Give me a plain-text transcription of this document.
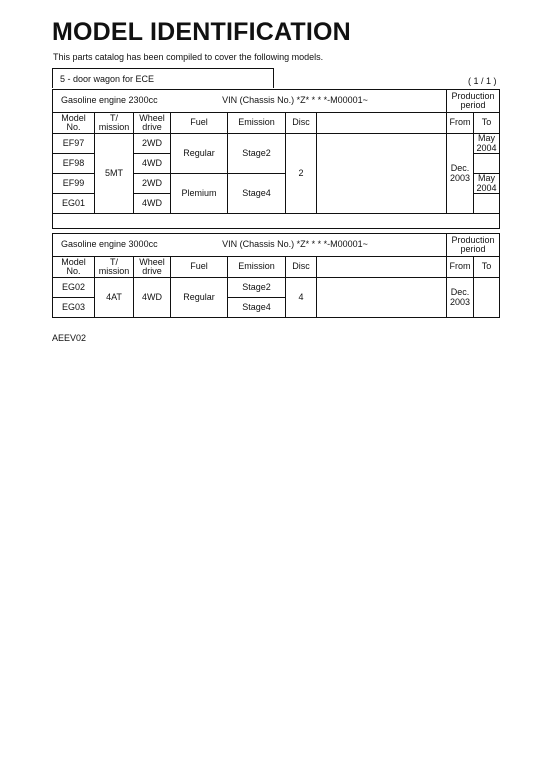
MODEL IDENTIFICATION
This parts catalog has been compiled to cover the following models.
5 - door wagon for ECE	( 1 / 1 )
Gasoline engine 2300cc VIN (Chassis No.) *Z* * * *-M00001~							Production period	
Model No.	T/ mission	Wheel drive	Fuel	Emission	Disc		From	To
EF97	5MT	2WD	Regular	Stage2	2		Dec. 2003	May 2004
EF98		4WD						
EF99		2WD	Plemium	Stage4				May 2004
EG01		4WD						

Gasoline engine 3000cc VIN (Chassis No.) *Z* * * *-M00001~							Production period	
Model No.	T/ mission	Wheel drive	Fuel	Emission	Disc		From	To
EG02	4AT	4WD	Regular	Stage2	4		Dec. 2003	
EG03				Stage4				
AEEV02
